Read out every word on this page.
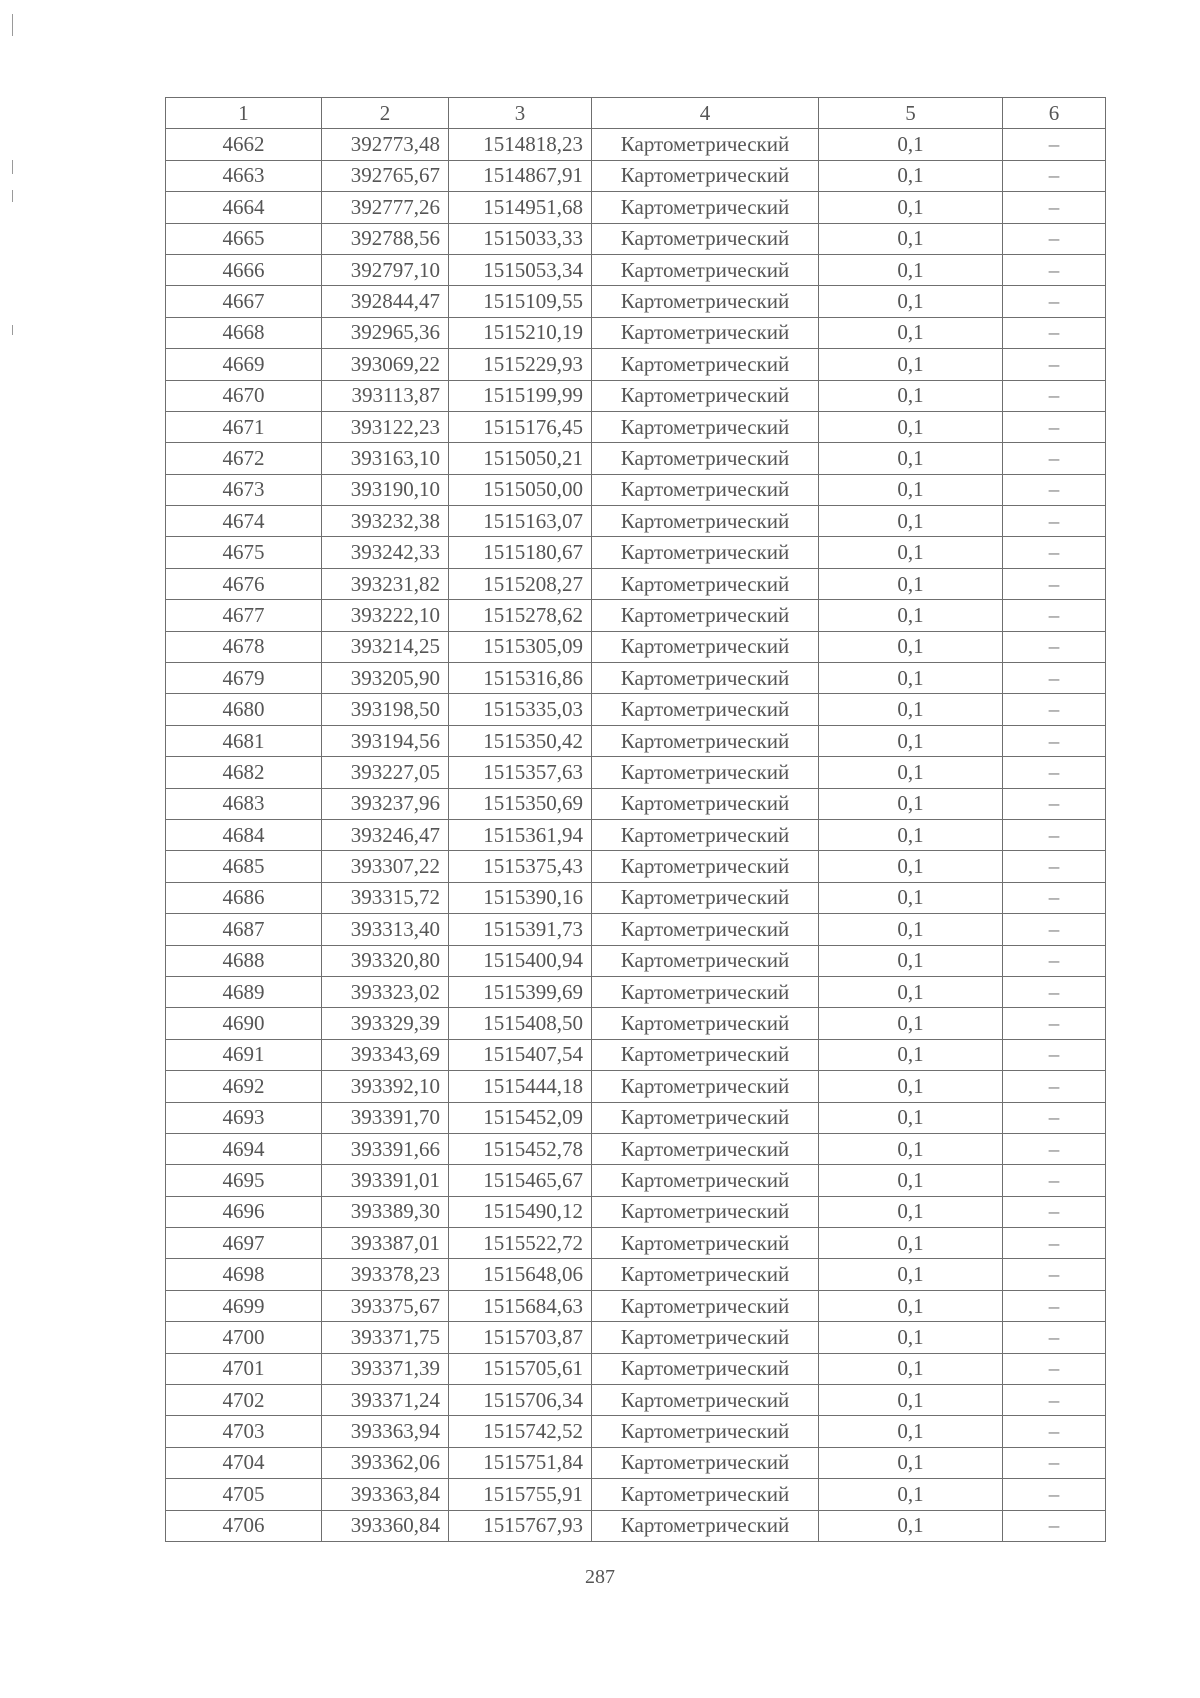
1	2	3	4	5	6
4662	392773,48	1514818,23	Картометрический	0,1	–
4663	392765,67	1514867,91	Картометрический	0,1	–
4664	392777,26	1514951,68	Картометрический	0,1	–
4665	392788,56	1515033,33	Картометрический	0,1	–
4666	392797,10	1515053,34	Картометрический	0,1	–
4667	392844,47	1515109,55	Картометрический	0,1	–
4668	392965,36	1515210,19	Картометрический	0,1	–
4669	393069,22	1515229,93	Картометрический	0,1	–
4670	393113,87	1515199,99	Картометрический	0,1	–
4671	393122,23	1515176,45	Картометрический	0,1	–
4672	393163,10	1515050,21	Картометрический	0,1	–
4673	393190,10	1515050,00	Картометрический	0,1	–
4674	393232,38	1515163,07	Картометрический	0,1	–
4675	393242,33	1515180,67	Картометрический	0,1	–
4676	393231,82	1515208,27	Картометрический	0,1	–
4677	393222,10	1515278,62	Картометрический	0,1	–
4678	393214,25	1515305,09	Картометрический	0,1	–
4679	393205,90	1515316,86	Картометрический	0,1	–
4680	393198,50	1515335,03	Картометрический	0,1	–
4681	393194,56	1515350,42	Картометрический	0,1	–
4682	393227,05	1515357,63	Картометрический	0,1	–
4683	393237,96	1515350,69	Картометрический	0,1	–
4684	393246,47	1515361,94	Картометрический	0,1	–
4685	393307,22	1515375,43	Картометрический	0,1	–
4686	393315,72	1515390,16	Картометрический	0,1	–
4687	393313,40	1515391,73	Картометрический	0,1	–
4688	393320,80	1515400,94	Картометрический	0,1	–
4689	393323,02	1515399,69	Картометрический	0,1	–
4690	393329,39	1515408,50	Картометрический	0,1	–
4691	393343,69	1515407,54	Картометрический	0,1	–
4692	393392,10	1515444,18	Картометрический	0,1	–
4693	393391,70	1515452,09	Картометрический	0,1	–
4694	393391,66	1515452,78	Картометрический	0,1	–
4695	393391,01	1515465,67	Картометрический	0,1	–
4696	393389,30	1515490,12	Картометрический	0,1	–
4697	393387,01	1515522,72	Картометрический	0,1	–
4698	393378,23	1515648,06	Картометрический	0,1	–
4699	393375,67	1515684,63	Картометрический	0,1	–
4700	393371,75	1515703,87	Картометрический	0,1	–
4701	393371,39	1515705,61	Картометрический	0,1	–
4702	393371,24	1515706,34	Картометрический	0,1	–
4703	393363,94	1515742,52	Картометрический	0,1	–
4704	393362,06	1515751,84	Картометрический	0,1	–
4705	393363,84	1515755,91	Картометрический	0,1	–
4706	393360,84	1515767,93	Картометрический	0,1	–
287
